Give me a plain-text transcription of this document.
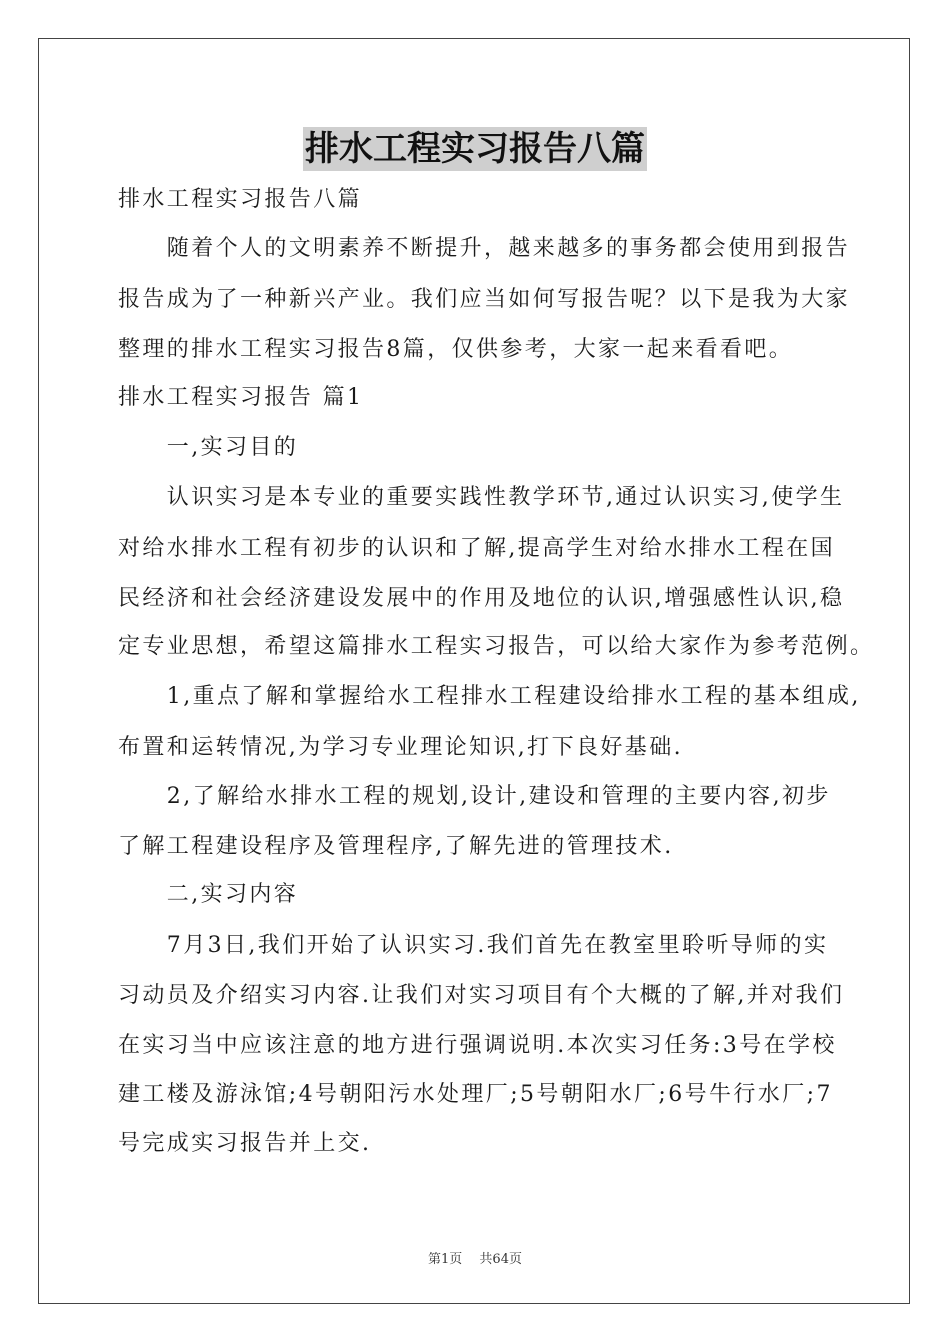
排水工程实习报告八篇
排水工程实习报告八篇
　　随着个人的文明素养不断提升，越来越多的事务都会使用到报告
报告成为了一种新兴产业。我们应当如何写报告呢？以下是我为大家
整理的排水工程实习报告8篇，仅供参考，大家一起来看看吧。
排水工程实习报告 篇1
　　一,实习目的
　　认识实习是本专业的重要实践性教学环节,通过认识实习,使学生
对给水排水工程有初步的认识和了解,提高学生对给水排水工程在国
民经济和社会经济建设发展中的作用及地位的认识,增强感性认识,稳
定专业思想，希望这篇排水工程实习报告，可以给大家作为参考范例。
　　1,重点了解和掌握给水工程排水工程建设给排水工程的基本组成,
布置和运转情况,为学习专业理论知识,打下良好基础.
　　2,了解给水排水工程的规划,设计,建设和管理的主要内容,初步
了解工程建设程序及管理程序,了解先进的管理技术.
　　二,实习内容
　　7月3日,我们开始了认识实习.我们首先在教室里聆听导师的实
习动员及介绍实习内容.让我们对实习项目有个大概的了解,并对我们
在实习当中应该注意的地方进行强调说明.本次实习任务:3号在学校
建工楼及游泳馆;4号朝阳污水处理厂;5号朝阳水厂;6号牛行水厂;7
号完成实习报告并上交.
第1页　 共64页
